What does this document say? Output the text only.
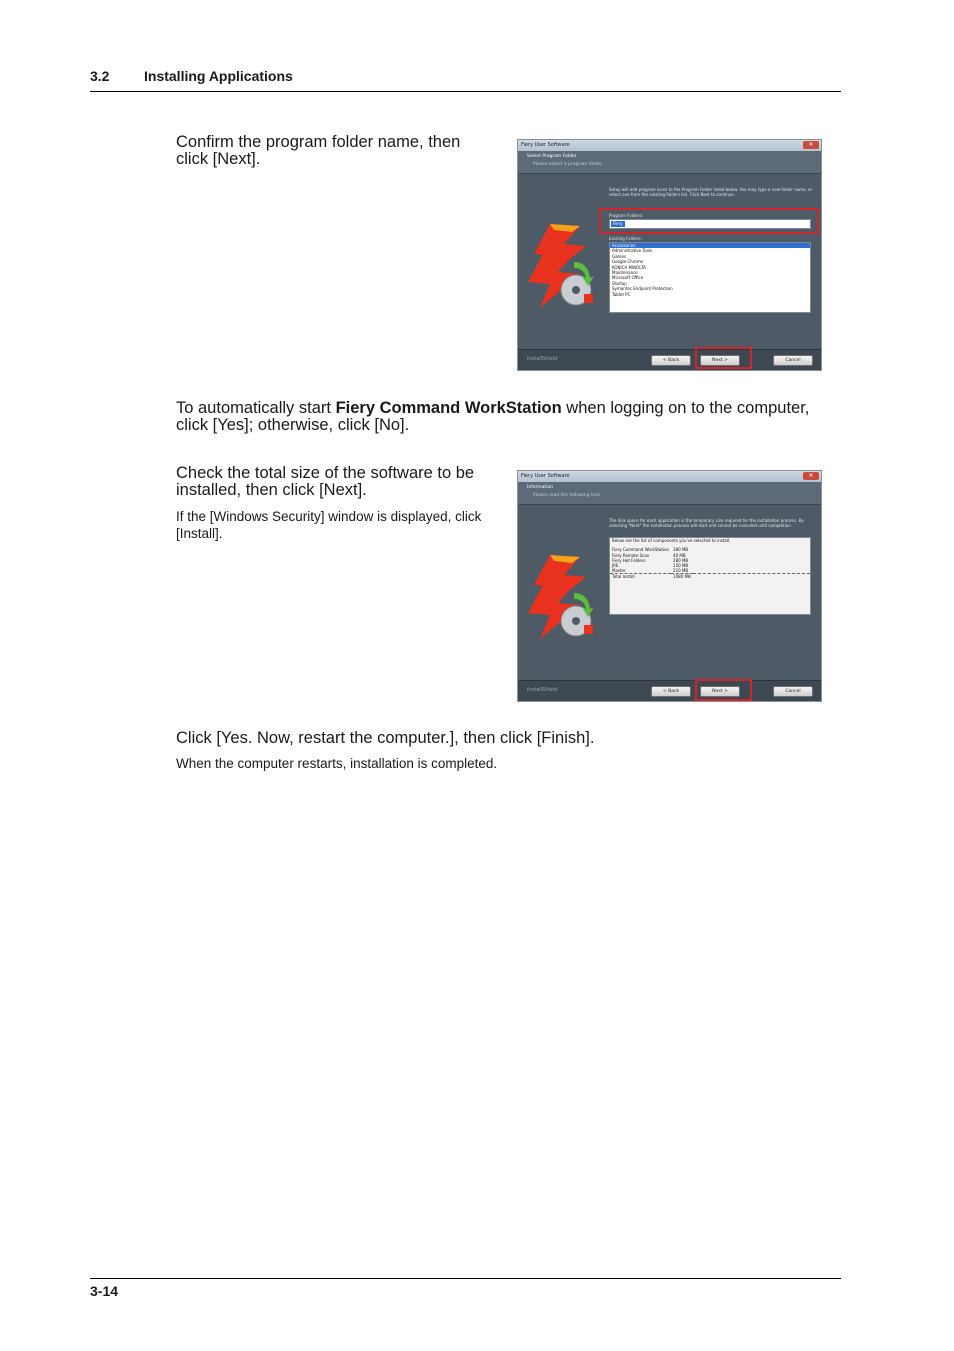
3.2 Installing Applications
Confirm the program folder name, then click [Next].
Fiery User Software	✕
Select Program Folder
Please select a program folder.
Setup will add program icons to the Program Folder listed below. You may type a new folder name, or select one from the existing folders list. Click Next to continue.
Program Folders:
Fiery
Existing Folders:
Accessories
Administrative Tools
Games
Google Chrome
KONICA MINOLTA
Maintenance
Microsoft Office
Startup
Symantec Endpoint Protection
Tablet PC
InstallShield	< Back	Next >	Cancel
To automatically start Fiery Command WorkStation when logging on to the computer, click [Yes]; otherwise, click [No].
Check the total size of the software to be installed, then click [Next].
If the [Windows Security] window is displayed, click [Install].
Fiery User Software	✕
Information
Please read the following text.
The disk space for each application is the temporary size required for the installation process. By selecting "Next" the installation process will start and cannot be canceled until completion.
Below are the list of components you've selected to install.
Fiery Command WorkStation	380 MB	
Fiery Remote Scan	40 MB	
Fiery Hot Folders	280 MB	
JRE	150 MB	
Master	210 MB	
Total Install	1080 MB	
InstallShield	< Back	Next >	Cancel
Click [Yes. Now, restart the computer.], then click [Finish].
When the computer restarts, installation is completed.
3-14
